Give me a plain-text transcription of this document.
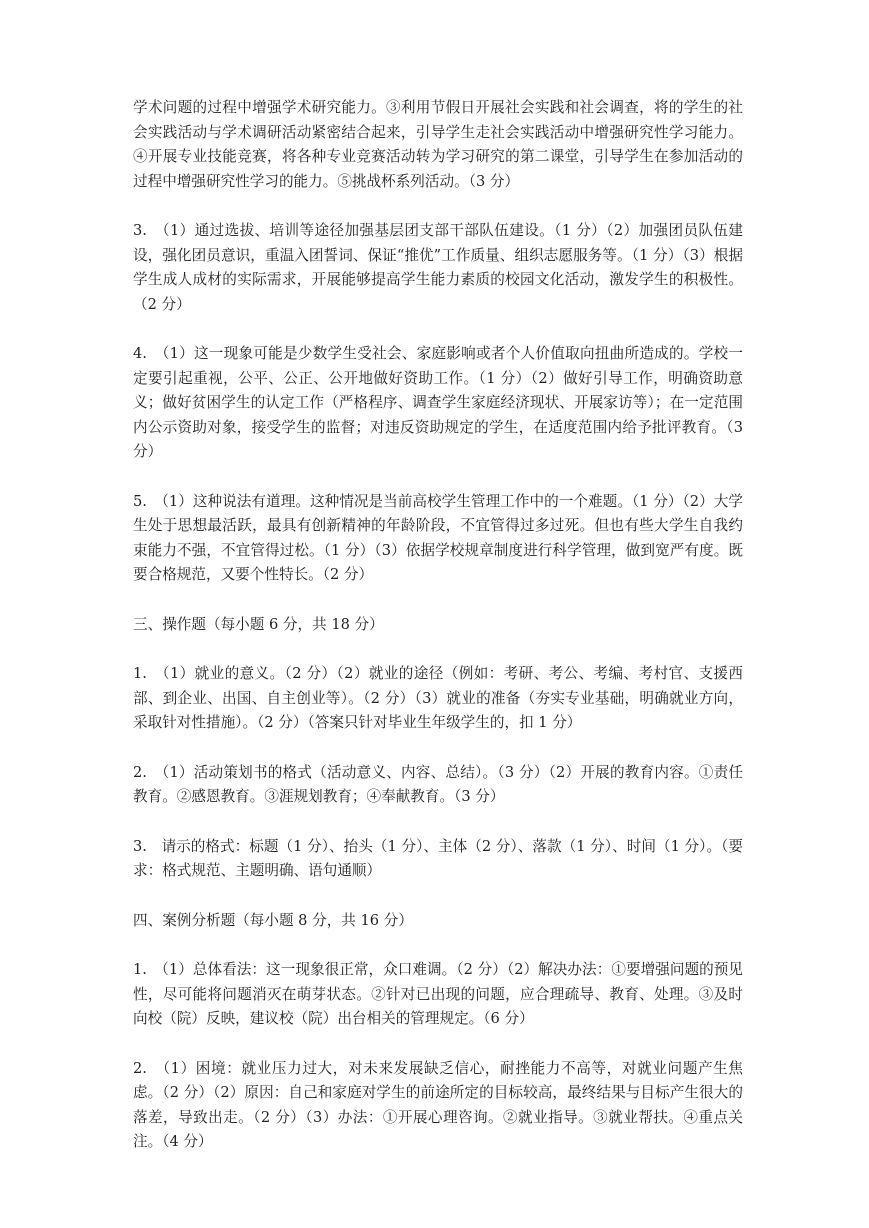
学术问题的过程中增强学术研究能力。③利用节假日开展社会实践和社会调查，将的学生的社会实践活动与学术调研活动紧密结合起来，引导学生走社会实践活动中增强研究性学习能力。④开展专业技能竞赛，将各种专业竞赛活动转为学习研究的第二课堂，引导学生在参加活动的过程中增强研究性学习的能力。⑤挑战杯系列活动。（3 分）

3.　（1）通过选拔、培训等途径加强基层团支部干部队伍建设。（1 分）（2）加强团员队伍建设，强化团员意识，重温入团誓词、保证“推优”工作质量、组织志愿服务等。（1 分）（3）根据学生成人成材的实际需求，开展能够提高学生能力素质的校园文化活动，激发学生的积极性。（2 分）

4.　（1）这一现象可能是少数学生受社会、家庭影响或者个人价值取向扭曲所造成的。学校一定要引起重视，公平、公正、公开地做好资助工作。（1 分）（2）做好引导工作，明确资助意义；做好贫困学生的认定工作（严格程序、调查学生家庭经济现状、开展家访等）；在一定范围内公示资助对象，接受学生的监督；对违反资助规定的学生，在适度范围内给予批评教育。（3 分）

5.　（1）这种说法有道理。这种情况是当前高校学生管理工作中的一个难题。（1 分）（2）大学生处于思想最活跃，最具有创新精神的年龄阶段，不宜管得过多过死。但也有些大学生自我约束能力不强，不宜管得过松。（1 分）（3）依据学校规章制度进行科学管理，做到宽严有度。既要合格规范，又要个性特长。（2 分）

三、操作题（每小题 6 分，共 18 分）

1.　（1）就业的意义。（2 分）（2）就业的途径（例如：考研、考公、考编、考村官、支援西部、到企业、出国、自主创业等）。（2 分）（3）就业的准备（夯实专业基础，明确就业方向，采取针对性措施）。（2 分）（答案只针对毕业生年级学生的，扣 1 分）

2.　（1）活动策划书的格式（活动意义、内容、总结）。（3 分）（2）开展的教育内容。①责任教育。②感恩教育。③涯规划教育；④奉献教育。（3 分）

3.　请示的格式：标题（1 分）、抬头（1 分）、主体（2 分）、落款（1 分）、时间（1 分）。（要求：格式规范、主题明确、语句通顺）

四、案例分析题（每小题 8 分，共 16 分）

1.　（1）总体看法：这一现象很正常，众口难调。（2 分）（2）解决办法：①要增强问题的预见性，尽可能将问题消灭在萌芽状态。②针对已出现的问题，应合理疏导、教育、处理。③及时向校（院）反映，建议校（院）出台相关的管理规定。（6 分）

2.　（1）困境：就业压力过大，对未来发展缺乏信心，耐挫能力不高等，对就业问题产生焦虑。（2 分）（2）原因：自己和家庭对学生的前途所定的目标较高，最终结果与目标产生很大的落差，导致出走。（2 分）（3）办法：①开展心理咨询。②就业指导。③就业帮扶。④重点关注。（4 分）
